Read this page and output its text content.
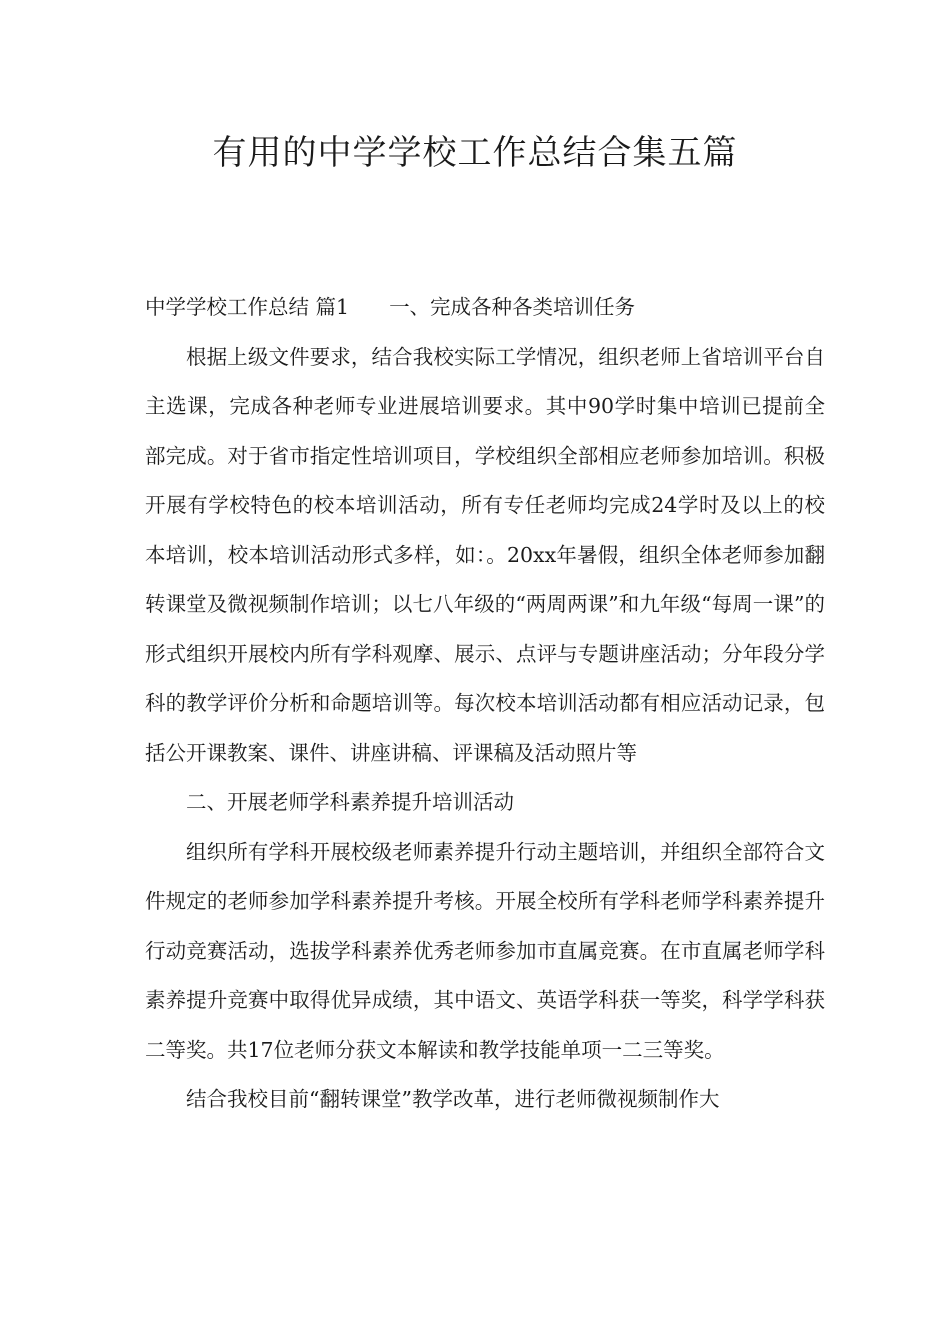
有用的中学学校工作总结合集五篇

中学学校工作总结 篇1 一、完成各种各类培训任务

根据上级文件要求，结合我校实际工学情况，组织老师上省培训平台自主选课，完成各种老师专业进展培训要求。其中90学时集中培训已提前全部完成。对于省市指定性培训项目，学校组织全部相应老师参加培训。积极开展有学校特色的校本培训活动，所有专任老师均完成24学时及以上的校本培训，校本培训活动形式多样，如：。20xx年暑假，组织全体老师参加翻转课堂及微视频制作培训；以七八年级的“两周两课”和九年级“每周一课”的形式组织开展校内所有学科观摩、展示、点评与专题讲座活动；分年段分学科的教学评价分析和命题培训等。每次校本培训活动都有相应活动记录，包括公开课教案、课件、讲座讲稿、评课稿及活动照片等

二、开展老师学科素养提升培训活动

组织所有学科开展校级老师素养提升行动主题培训，并组织全部符合文件规定的老师参加学科素养提升考核。开展全校所有学科老师学科素养提升行动竞赛活动，选拔学科素养优秀老师参加市直属竞赛。在市直属老师学科素养提升竞赛中取得优异成绩，其中语文、英语学科获一等奖，科学学科获二等奖。共17位老师分获文本解读和教学技能单项一二三等奖。

结合我校目前“翻转课堂”教学改革，进行老师微视频制作大
